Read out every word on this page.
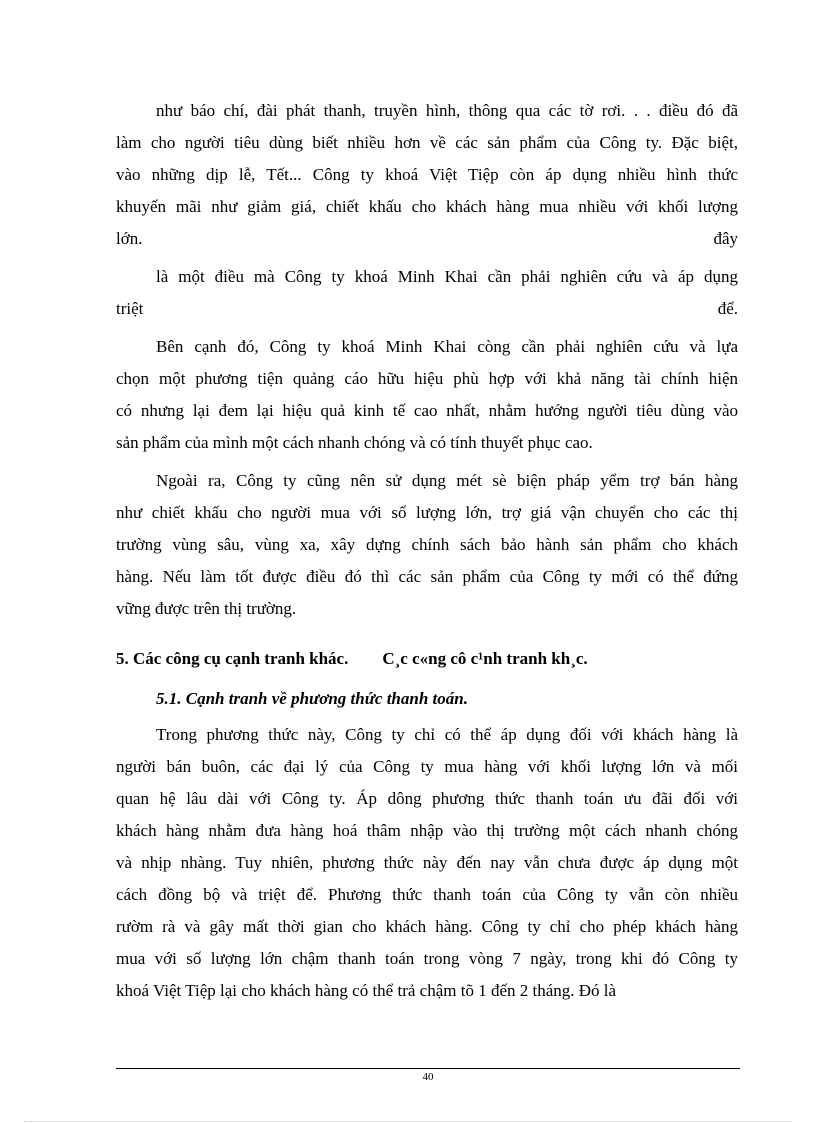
như báo chí, đài phát thanh, truyền hình, thông qua các tờ rơi. . . điều đó đã
làm cho người tiêu dùng biết nhiều hơn về các sản phẩm của Công ty. Đặc biệt,
vào những dịp lễ, Tết... Công ty khoá Việt Tiệp còn áp dụng nhiều hình thức
khuyến mãi như giảm giá, chiết khấu cho khách hàng mua nhiều với khối lượng
lớn.	đây
là một điều mà Công ty khoá Minh Khai cần phải nghiên cứu và áp dụng
triệt	để.
Bên cạnh đó, Công ty khoá Minh Khai còng cần phải nghiên cứu và lựa
chọn một phương tiện quảng cáo hữu hiệu phù hợp với khả năng tài chính hiện
có nhưng lại đem lại hiệu quả kinh tế cao nhất, nhằm hướng người tiêu dùng vào
sản phẩm của mình một cách nhanh chóng và có tính thuyết phục cao.
Ngoài ra, Công ty cũng nên sử dụng mét sè biện pháp yểm trợ bán hàng
như chiết khấu cho người mua với số lượng lớn, trợ giá vận chuyển cho các thị
trường vùng sâu, vùng xa, xây dựng chính sách bảo hành sản phẩm cho khách
hàng. Nếu làm tốt được điều đó thì các sản phẩm của Công ty mới có thể đứng
vững được trên thị trường.
5. Các công cụ cạnh tranh khác.        C¸c c«ng cô c¹nh tranh kh¸c.
5.1. Cạnh tranh về phương thức thanh toán.
Trong phương thức này, Công ty chỉ có thể áp dụng đối với khách hàng là
người bán buôn, các đại lý của Công ty mua hàng với khối lượng lớn và mối
quan hệ lâu dài với Công ty. Áp dông phương thức thanh toán ưu đãi đối với
khách hàng nhằm đưa hàng hoá thâm nhập vào thị trường một cách nhanh chóng
và nhịp nhàng. Tuy nhiên, phương thức này đến nay vẫn chưa được áp dụng một
cách đồng bộ và triệt để. Phương thức thanh toán của Công ty vẫn còn nhiều
rườm rà và gây mất thời gian cho khách hàng. Công ty chỉ cho phép khách hàng
mua với số lượng lớn chậm thanh toán trong vòng 7 ngày, trong khi đó Công ty
khoá Việt Tiệp lại cho khách hàng có thể trả chậm tõ 1 đến 2 tháng. Đó là
40
